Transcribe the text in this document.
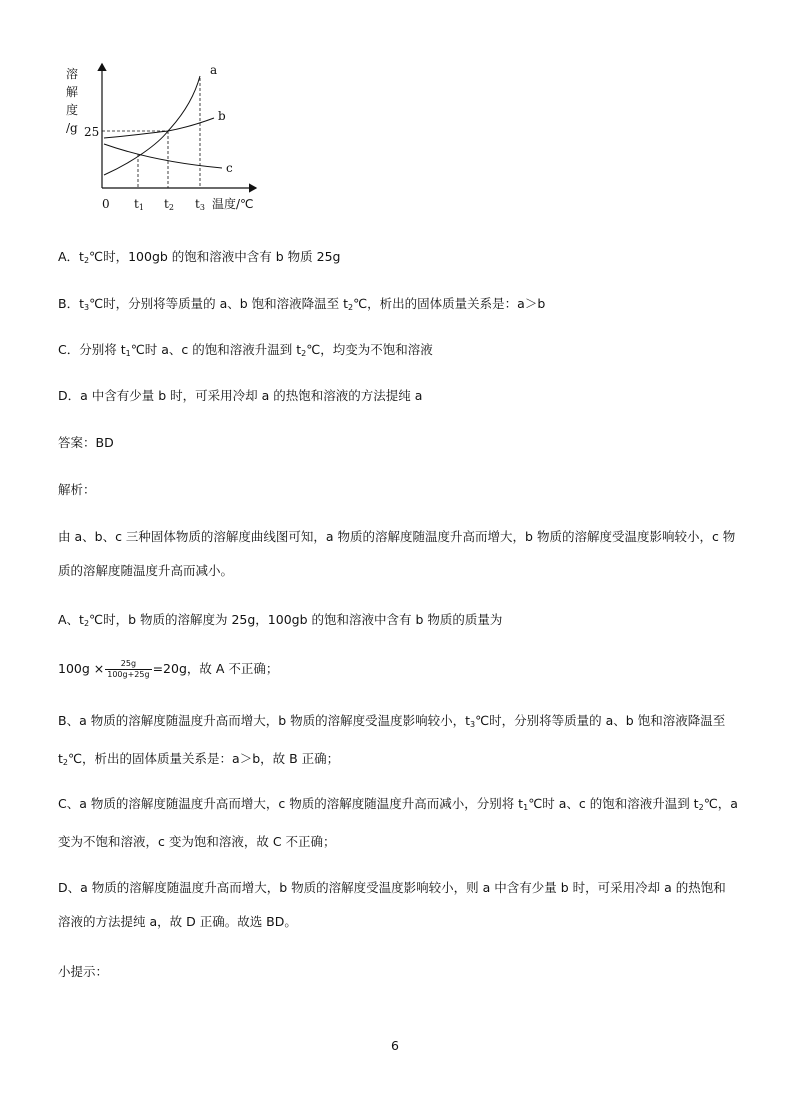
溶
解
度
/g 25
0 t1 t2 t3 温度/℃
a
b
c
A．$t_2℃$时，100gb 的饱和溶液中含有 b 物质 25g
B．$t_3℃$时，分别将等质量的 a、b 饱和溶液降温至 $t_2℃$，析出的固体质量关系是：a＞b
C．分别将 $t_1℃$时 a、c 的饱和溶液升温到 $t_2℃$，均变为不饱和溶液
D．a 中含有少量 b 时，可采用冷却 a 的热饱和溶液的方法提纯 a
答案：BD
解析：
由 a、b、c 三种固体物质的溶解度曲线图可知，a 物质的溶解度随温度升高而增大，b 物质的溶解度受温度影响较小，c 物质的溶解度随温度升高而减小。
A、$t_2℃$时，b 物质的溶解度为 25g，100gb 的饱和溶液中含有 b 物质的质量为
$100g \times \frac{25g}{100g+25g} =20g$，故 A 不正确；
B、a 物质的溶解度随温度升高而增大，b 物质的溶解度受温度影响较小，$t_3℃$时，分别将等质量的 a、b 饱和溶液降温至 $t_2℃$，析出的固体质量关系是：a＞b，故 B 正确；
C、a 物质的溶解度随温度升高而增大，c 物质的溶解度随温度升高而减小，分别将 $t_1℃$时 a、c 的饱和溶液升温到 $t_2℃$，a 变为不饱和溶液，c 变为饱和溶液，故 C 不正确；
D、a 物质的溶解度随温度升高而增大，b 物质的溶解度受温度影响较小，则 a 中含有少量 b 时，可采用冷却 a 的热饱和溶液的方法提纯 a，故 D 正确。故选 BD。
小提示：
6
